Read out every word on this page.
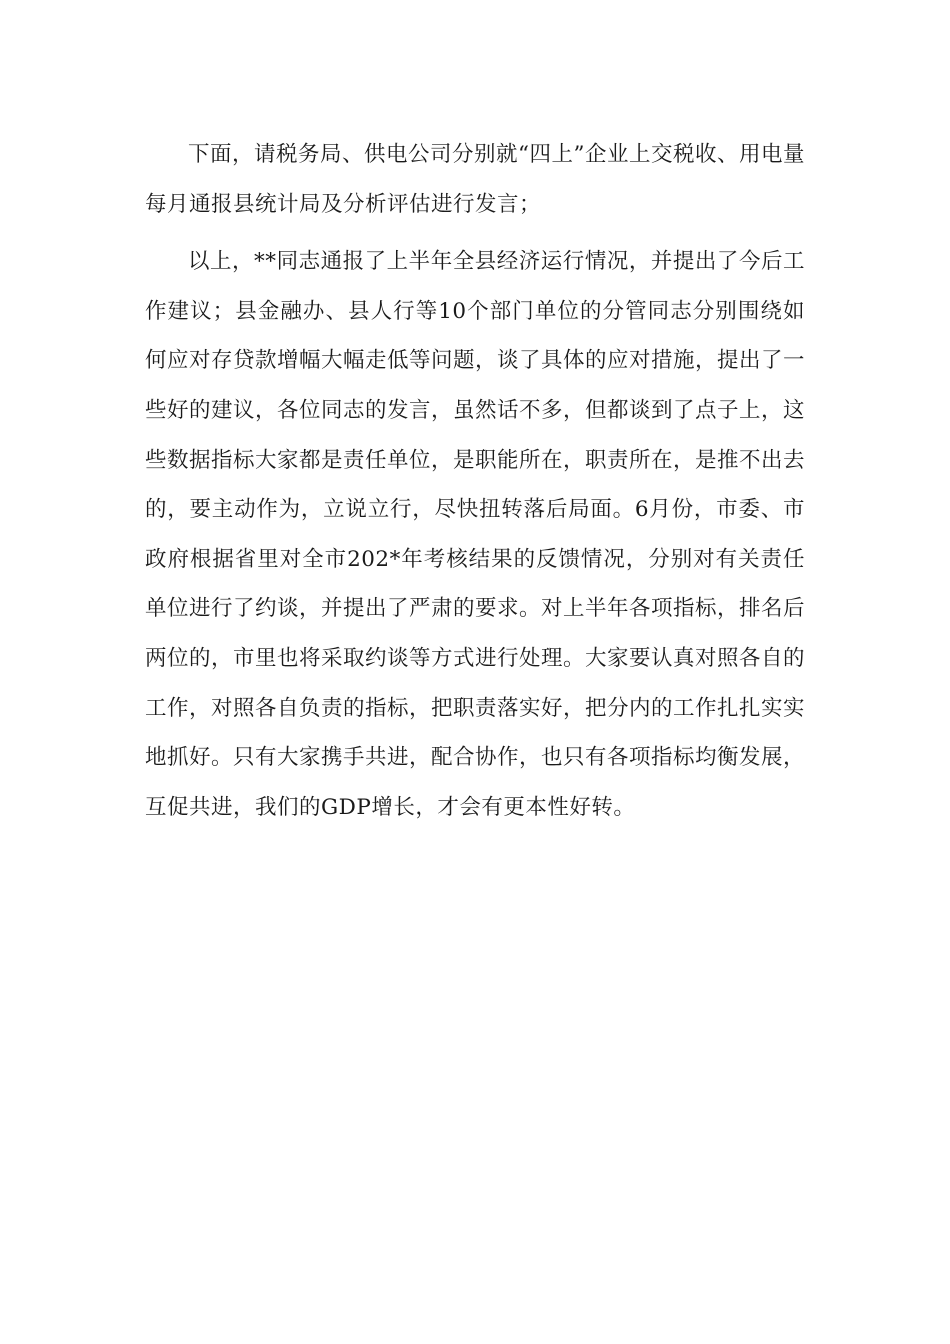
下面，请税务局、供电公司分别就“四上”企业上交税收、用电量每月通报县统计局及分析评估进行发言；

以上，**同志通报了上半年全县经济运行情况，并提出了今后工作建议；县金融办、县人行等10个部门单位的分管同志分别围绕如何应对存贷款增幅大幅走低等问题，谈了具体的应对措施，提出了一些好的建议，各位同志的发言，虽然话不多，但都谈到了点子上，这些数据指标大家都是责任单位，是职能所在，职责所在，是推不出去的，要主动作为，立说立行，尽快扭转落后局面。6月份，市委、市政府根据省里对全市202*年考核结果的反馈情况，分别对有关责任单位进行了约谈，并提出了严肃的要求。对上半年各项指标，排名后两位的，市里也将采取约谈等方式进行处理。大家要认真对照各自的工作，对照各自负责的指标，把职责落实好，把分内的工作扎扎实实地抓好。只有大家携手共进，配合协作，也只有各项指标均衡发展，互促共进，我们的GDP增长，才会有更本性好转。
